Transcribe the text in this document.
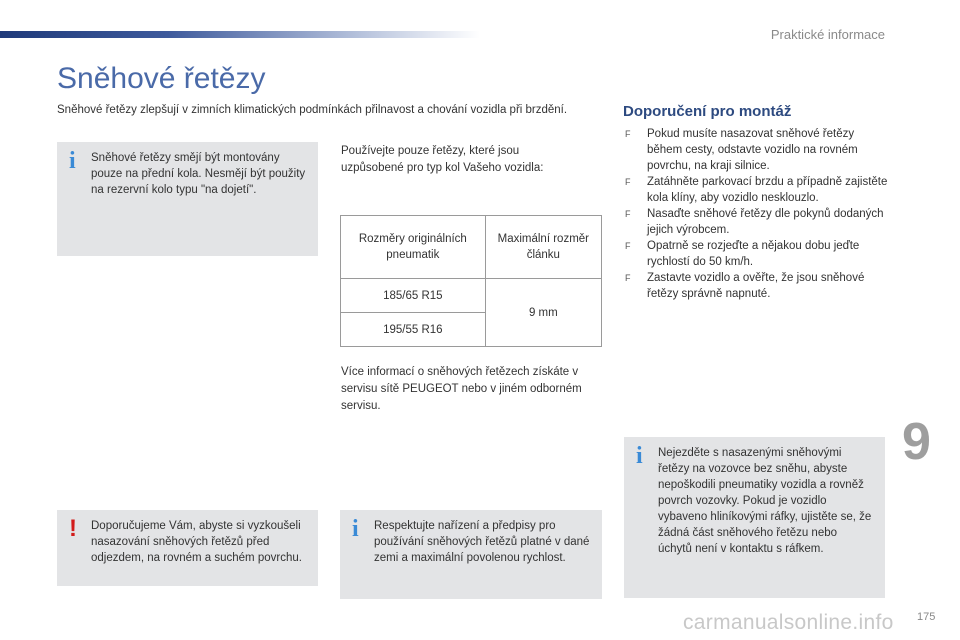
Praktické informace
Sněhové řetězy
Sněhové řetězy zlepšují v zimních klimatických podmínkách přilnavost a chování vozidla při brzdění.
i Sněhové řetězy smějí být montovány pouze na přední kola. Nesmějí být použity na rezervní kolo typu "na dojetí".
! Doporučujeme Vám, abyste si vyzkoušeli nasazování sněhových řetězů před odjezdem, na rovném a suchém povrchu.
Používejte pouze řetězy, které jsou uzpůsobené pro typ kol Vašeho vozidla:
Rozměry originálních pneumatik	Maximální rozměr článku
185/65 R15	9 mm
195/55 R16	
Více informací o sněhových řetězech získáte v servisu sítě PEUGEOT nebo v jiném odborném servisu.
i Respektujte nařízení a předpisy pro používání sněhových řetězů platné v dané zemi a maximální povolenou rychlost.
Doporučení pro montáž
F Pokud musíte nasazovat sněhové řetězy během cesty, odstavte vozidlo na rovném povrchu, na kraji silnice.
F Zatáhněte parkovací brzdu a případně zajistěte kola klíny, aby vozidlo nesklouzlo.
F Nasaďte sněhové řetězy dle pokynů dodaných jejich výrobcem.
F Opatrně se rozjeďte a nějakou dobu jeďte rychlostí do 50 km/h.
F Zastavte vozidlo a ověřte, že jsou sněhové řetězy správně napnuté.
i Nejezděte s nasazenými sněhovými řetězy na vozovce bez sněhu, abyste nepoškodili pneumatiky vozidla a rovněž povrch vozovky. Pokud je vozidlo vybaveno hliníkovými ráfky, ujistěte se, že žádná část sněhového řetězu nebo úchytů není v kontaktu s ráfkem.
9
carmanualsonline.info 175
